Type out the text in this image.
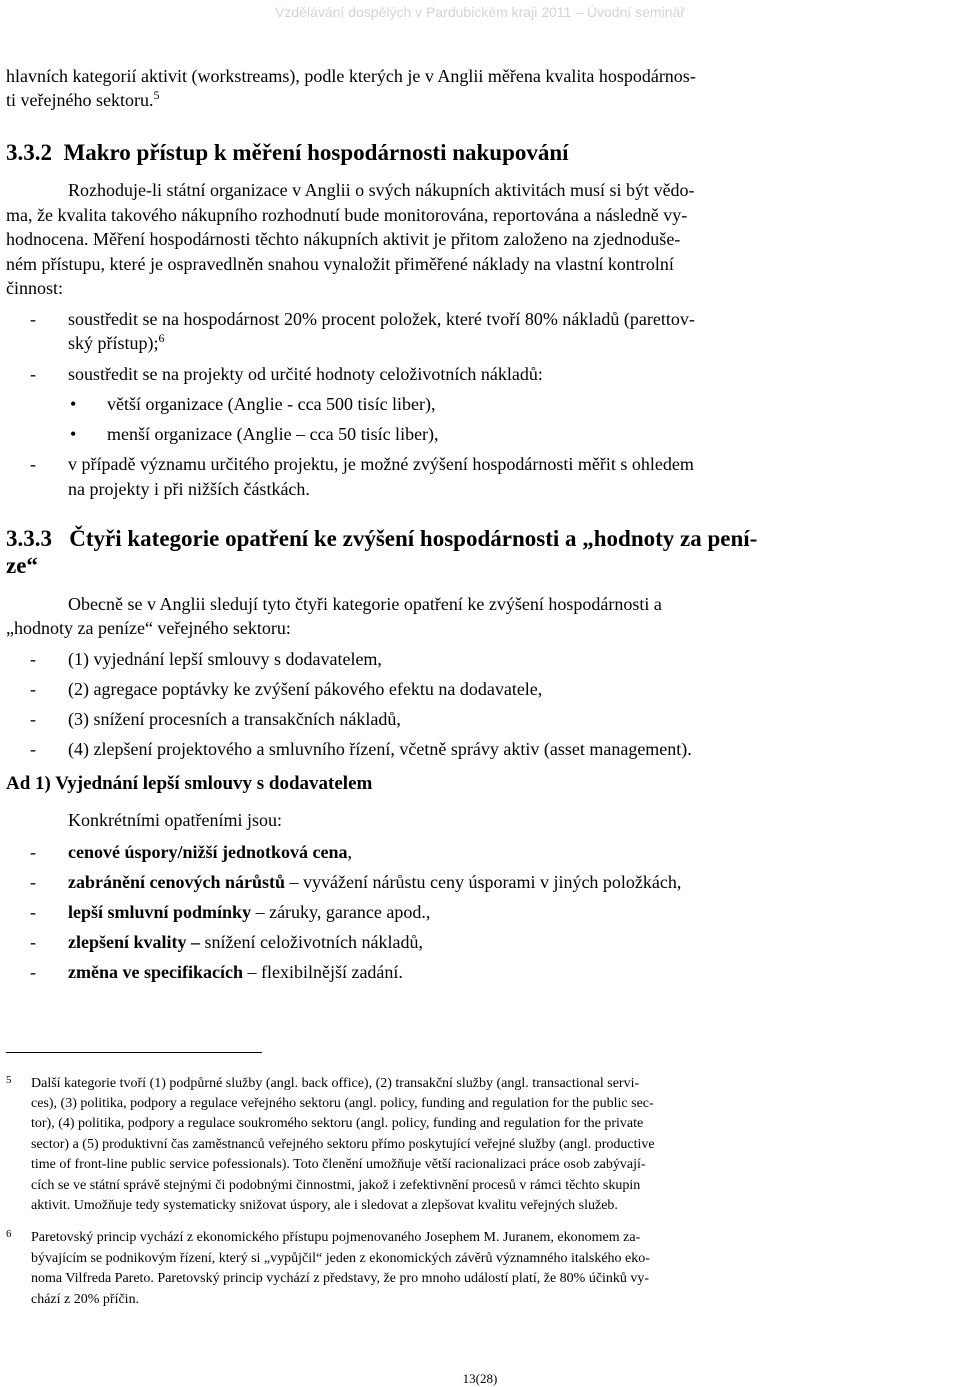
Vzdělávání dospělých v Pardubickém kraji 2011 – Úvodní seminář
hlavních kategorií aktivit (workstreams), podle kterých je v Anglii měřena kvalita hospodárnos-
ti veřejného sektoru.$^5$
3.3.2 Makro přístup k měření hospodárnosti nakupování
Rozhoduje-li státní organizace v Anglii o svých nákupních aktivitách musí si být vědo-
ma, že kvalita takového nákupního rozhodnutí bude monitorována, reportována a následně vy-
hodnocena. Měření hospodárnosti těchto nákupních aktivit je přitom založeno na zjednoduše-
ném přístupu, které je ospravedlněn snahou vynaložit přiměřené náklady na vlastní kontrolní
činnost:
- soustředit se na hospodárnost 20% procent položek, které tvoří 80% nákladů (parettov-
ský přístup);$^6$
- soustředit se na projekty od určité hodnoty celoživotních nákladů:
• větší organizace (Anglie - cca 500 tisíc liber),
• menší organizace (Anglie – cca 50 tisíc liber),
- v případě významu určitého projektu, je možné zvýšení hospodárnosti měřit s ohledem
na projekty i při nižších částkách.
3.3.3 Čtyři kategorie opatření ke zvýšení hospodárnosti a „hodnoty za pení-
ze“
Obecně se v Anglii sledují tyto čtyři kategorie opatření ke zvýšení hospodárnosti a
„hodnoty za peníze“ veřejného sektoru:
- (1) vyjednání lepší smlouvy s dodavatelem,
- (2) agregace poptávky ke zvýšení pákového efektu na dodavatele,
- (3) snížení procesních a transakčních nákladů,
- (4) zlepšení projektového a smluvního řízení, včetně správy aktiv (asset management).
Ad 1) Vyjednání lepší smlouvy s dodavatelem
Konkrétními opatřeními jsou:
- cenové úspory/nižší jednotková cena,
- zabránění cenových nárůstů – vyvážení nárůstu ceny úsporami v jiných položkách,
- lepší smluvní podmínky – záruky, garance apod.,
- zlepšení kvality – snížení celoživotních nákladů,
- změna ve specifikacích – flexibilnější zadání.
5 Další kategorie tvoří (1) podpůrné služby (angl. back office), (2) transakční služby (angl. transactional servi-
ces), (3) politika, podpory a regulace veřejného sektoru (angl. policy, funding and regulation for the public sec-
tor), (4) politika, podpory a regulace soukromého sektoru (angl. policy, funding and regulation for the private
sector) a (5) produktivní čas zaměstnanců veřejného sektoru přímo poskytující veřejné služby (angl. productive
time of front-line public service pofessionals). Toto členění umožňuje větší racionalizaci práce osob zabývají-
cích se ve státní správě stejnými či podobnými činnostmi, jakož i zefektivnění procesů v rámci těchto skupin
aktivit. Umožňuje tedy systematicky snižovat úspory, ale i sledovat a zlepšovat kvalitu veřejných služeb.
6 Paretovský princip vychází z ekonomického přístupu pojmenovaného Josephem M. Juranem, ekonomem za-
bývajícím se podnikovým řízení, který si „vypůjčil“ jeden z ekonomických závěrů významného italského eko-
noma Vilfreda Pareto. Paretovský princip vychází z představy, že pro mnoho událostí platí, že 80% účinků vy-
chází z 20% příčin.
13(28)
